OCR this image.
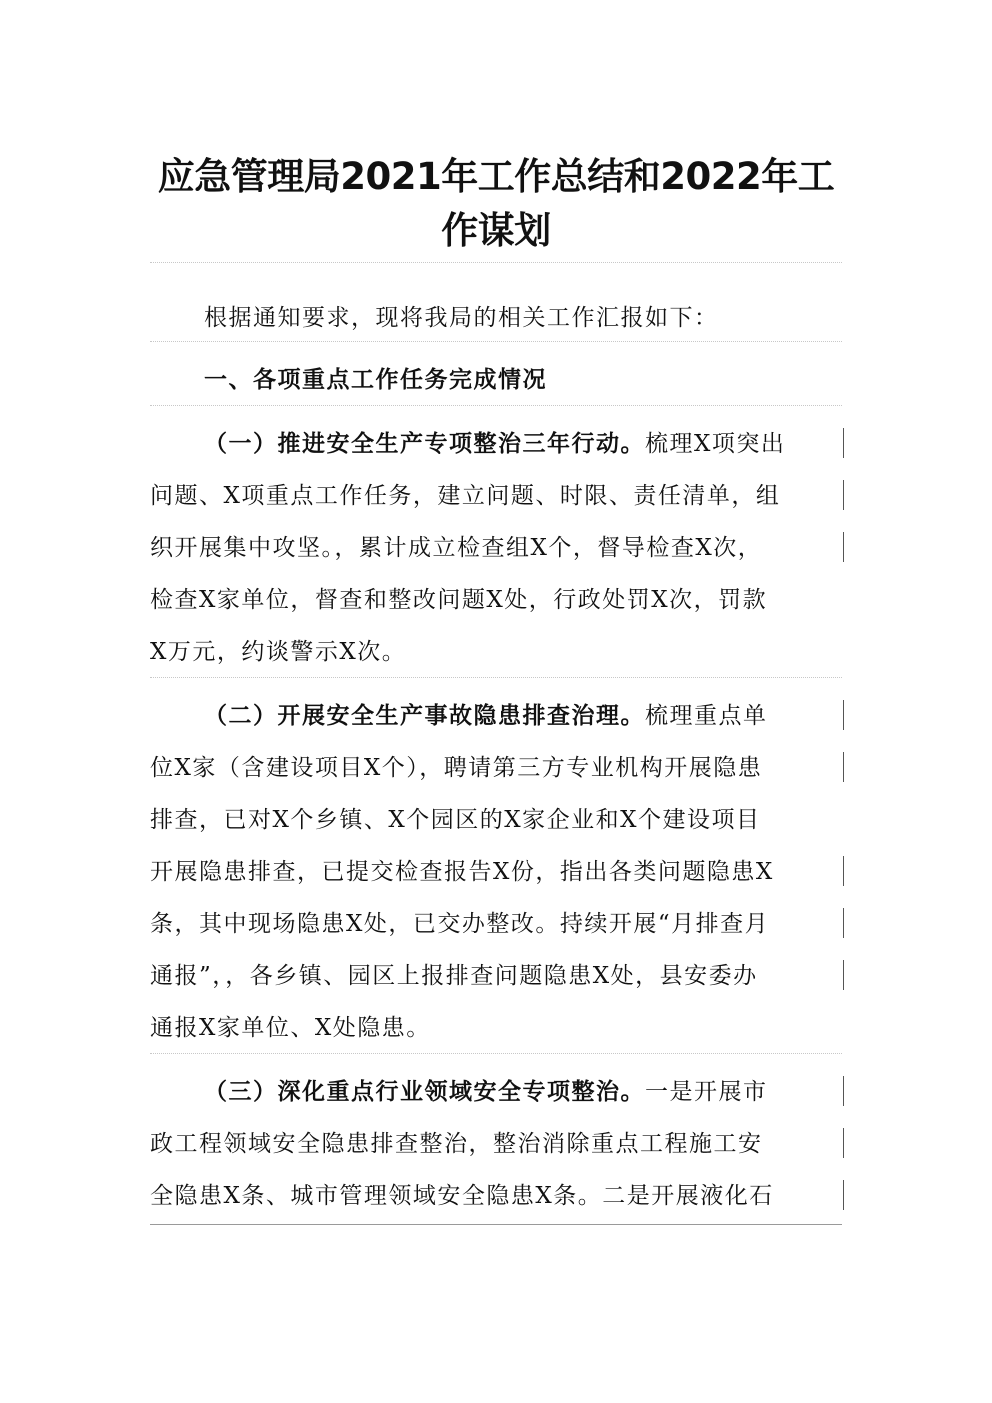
应急管理局2021年工作总结和2022年工
作谋划

根据通知要求，现将我局的相关工作汇报如下：

一、各项重点工作任务完成情况

（一）推进安全生产专项整治三年行动。梳理X项突出
问题、X项重点工作任务，建立问题、时限、责任清单，组
织开展集中攻坚。，累计成立检查组X个，督导检查X次，
检查X家单位，督查和整改问题X处，行政处罚X次，罚款
X万元，约谈警示X次。
（二）开展安全生产事故隐患排查治理。梳理重点单
位X家（含建设项目X个），聘请第三方专业机构开展隐患
排查，已对X个乡镇、X个园区的X家企业和X个建设项目
开展隐患排查，已提交检查报告X份，指出各类问题隐患X
条，其中现场隐患X处，已交办整改。持续开展“月排查月
通报”，，各乡镇、园区上报排查问题隐患X处，县安委办
通报X家单位、X处隐患。
（三）深化重点行业领域安全专项整治。一是开展市
政工程领域安全隐患排查整治，整治消除重点工程施工安
全隐患X条、城市管理领域安全隐患X条。二是开展液化石
